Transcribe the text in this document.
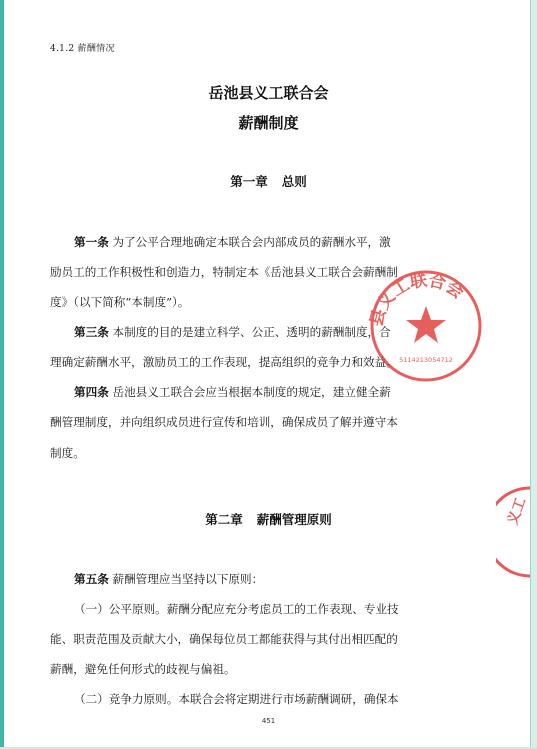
4.1.2 薪酬情况
岳池县义工联合会
薪酬制度
第一章 总则
第一条 为了公平合理地确定本联合会内部成员的薪酬水平，激
励员工的工作积极性和创造力，特制定本《岳池县义工联合会薪酬制
度》（以下简称“本制度”）。
第三条 本制度的目的是建立科学、公正、透明的薪酬制度，合
理确定薪酬水平，激励员工的工作表现，提高组织的竞争力和效益。
第四条 岳池县义工联合会应当根据本制度的规定，建立健全薪
酬管理制度，并向组织成员进行宣传和培训，确保成员了解并遵守本
制度。
第二章 薪酬管理原则
第五条 薪酬管理应当坚持以下原则：
（一）公平原则。薪酬分配应充分考虑员工的工作表现、专业技
能、职责范围及贡献大小，确保每位员工都能获得与其付出相匹配的
薪酬，避免任何形式的歧视与偏祖。
（二）竞争力原则。本联合会将定期进行市场薪酬调研，确保本
451
县义工联合会
5114213054712
义工
